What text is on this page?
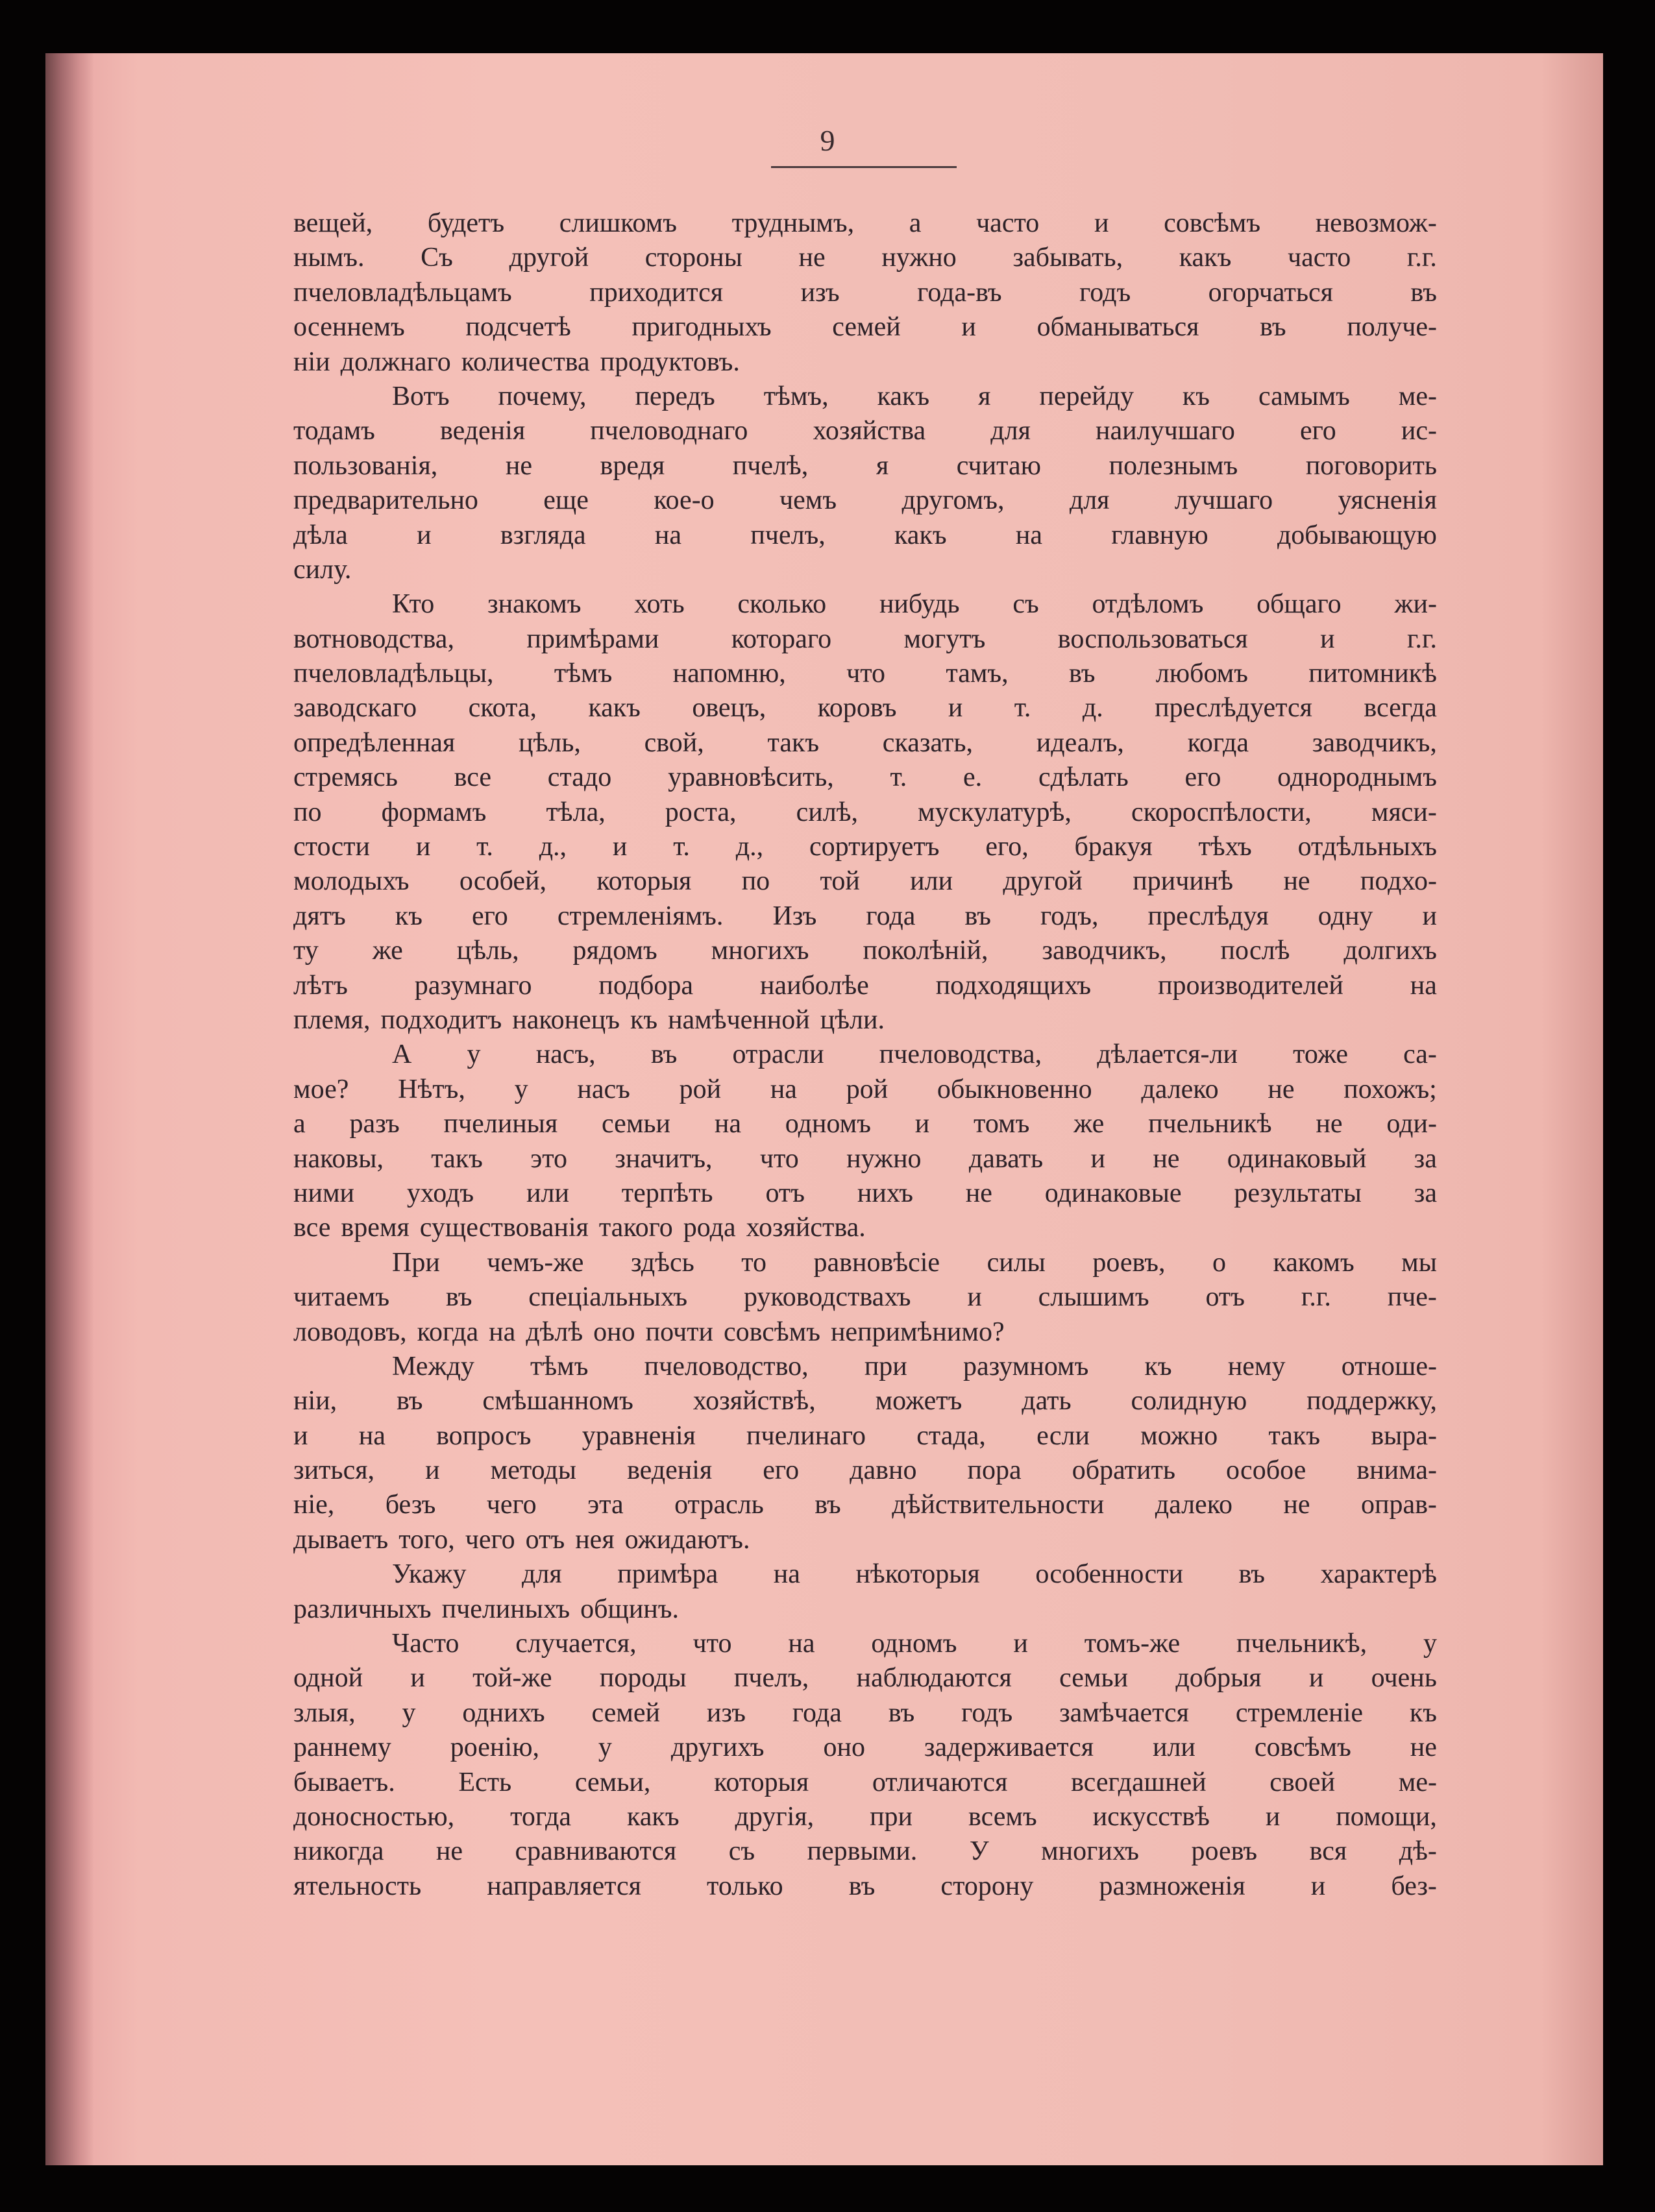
9
вещей, будетъ слишкомъ труднымъ, а часто и совсѣмъ невозмож-
нымъ. Съ другой стороны не нужно забывать, какъ часто г.г.
пчеловладѣльцамъ	приходится	изъ	года-въ	годъ	огорчаться	въ
осеннемъ подсчетѣ пригодныхъ семей и обманываться въ получе-
нiи должнаго количества продуктовъ.
Вотъ почему, передъ тѣмъ, какъ я перейду къ самымъ ме-
тодамъ веденiя пчеловоднаго хозяйства для наилучшаго его ис-
пользованiя, не вредя пчелѣ, я считаю полезнымъ поговорить
предварительно еще кое-о чемъ другомъ, для лучшаго уясненiя
дѣла	и	взгляда	на	пчелъ,	какъ	на	главную	добывающую
силу.
Кто знакомъ хоть сколько нибудь съ отдѣломъ общаго жи-
вотноводства,	примѣрами	котораго	могутъ	воспользоваться	и	г.г.
пчеловладѣльцы, тѣмъ напомню, что тамъ, въ любомъ питомникѣ
заводскаго скота, какъ овецъ, коровъ и т. д. преслѣдуется всегда
опредѣленная цѣль, свой, такъ сказать, идеалъ, когда заводчикъ,
стремясь все стадо уравновѣсить, т. е. сдѣлать его однороднымъ
по формамъ тѣла, роста, силѣ, мускулатурѣ, скороспѣлости, мяси-
стости и т. д., и т. д., сортируетъ его, бракуя тѣхъ отдѣльныхъ
молодыхъ особей, которыя по той или другой причинѣ не подхо-
дятъ къ его стремленiямъ. Изъ года въ годъ, преслѣдуя одну и
ту же цѣль, рядомъ многихъ поколѣнiй, заводчикъ, послѣ долгихъ
лѣтъ разумнаго подбора наиболѣе подходящихъ производителей на
племя, подходитъ наконецъ къ намѣченной цѣли.
А у насъ, въ отрасли пчеловодства, дѣлается-ли тоже са-
мое? Нѣтъ, у насъ рой на рой обыкновенно далеко не похожъ;
а разъ пчелиныя семьи на одномъ и томъ же пчельникѣ не оди-
наковы, такъ это значитъ, что нужно давать и не одинаковый за
ними уходъ или терпѣть отъ нихъ не одинаковые результаты за
все время существованiя такого рода хозяйства.
При чемъ-же здѣсь то равновѣсiе силы роевъ, о какомъ мы
читаемъ въ спецiальныхъ руководствахъ и слышимъ отъ г.г. пче-
ловодовъ, когда на дѣлѣ оно почти совсѣмъ непримѣнимо?
Между тѣмъ пчеловодство, при разумномъ къ нему отноше-
нiи, въ смѣшанномъ хозяйствѣ, можетъ дать солидную поддержку,
и на вопросъ уравненiя пчелинаго стада, если можно такъ выра-
зиться, и методы веденiя его давно пора обратить особое внима-
нiе, безъ чего эта отрасль въ дѣйствительности далеко не оправ-
дываетъ того, чего отъ нея ожидаютъ.
Укажу для примѣра на нѣкоторыя особенности въ характерѣ
различныхъ пчелиныхъ общинъ.
Часто случается, что на одномъ и томъ-же пчельникѣ, у
одной и той-же породы пчелъ, наблюдаются семьи добрыя и очень
злыя, у однихъ семей изъ года въ годъ замѣчается стремленiе къ
раннему роенiю, у другихъ оно задерживается или совсѣмъ не
бываетъ. Есть семьи, которыя отличаются всегдашней своей ме-
доносностью, тогда какъ другiя, при всемъ искусствѣ и помощи,
никогда не сравниваются съ первыми. У многихъ роевъ вся дѣ-
ятельность направляется только въ сторону размноженiя и без-
